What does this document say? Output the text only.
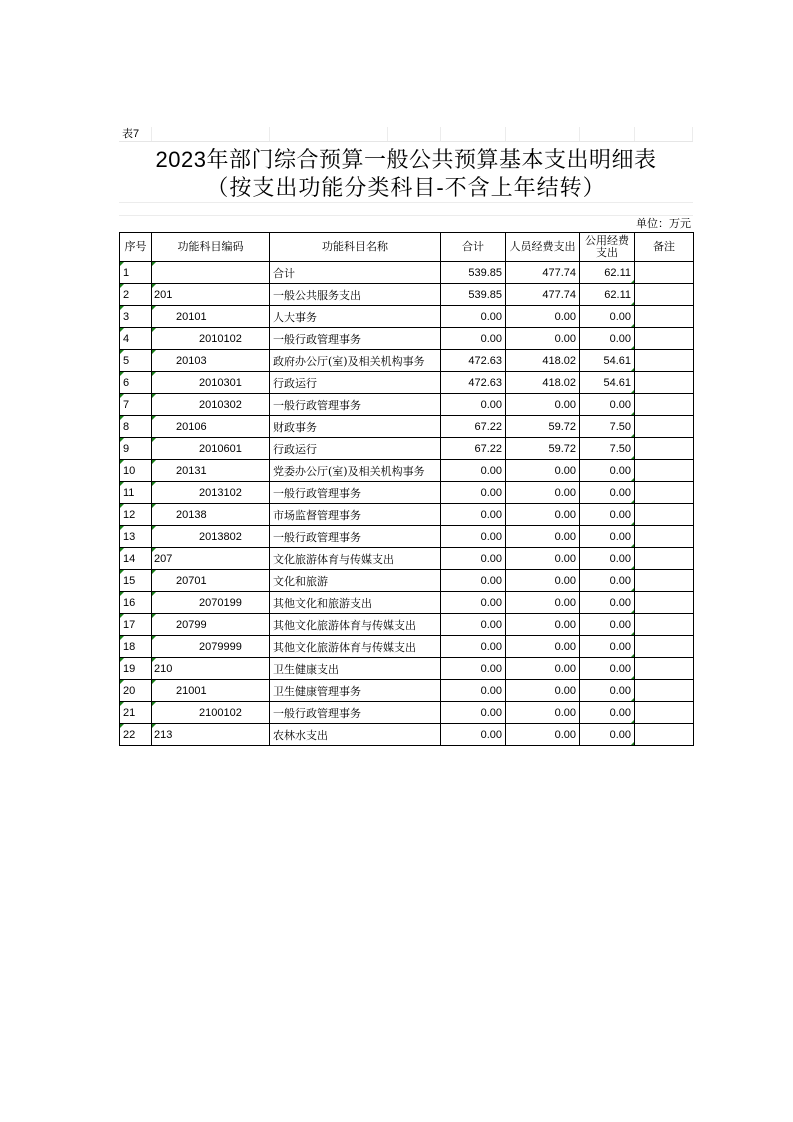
表7
2023年部门综合预算一般公共预算基本支出明细表
（按支出功能分类科目-不含上年结转）
单位：万元
序号	功能科目编码	功能科目名称	合计	人员经费支出	公用经费支出	备注
1		合计	539.85	477.74	62.11	
2	201	一般公共服务支出	539.85	477.74	62.11	
3	20101	人大事务	0.00	0.00	0.00	
4	2010102	一般行政管理事务	0.00	0.00	0.00	
5	20103	政府办公厅(室)及相关机构事务	472.63	418.02	54.61	
6	2010301	行政运行	472.63	418.02	54.61	
7	2010302	一般行政管理事务	0.00	0.00	0.00	
8	20106	财政事务	67.22	59.72	7.50	
9	2010601	行政运行	67.22	59.72	7.50	
10	20131	党委办公厅(室)及相关机构事务	0.00	0.00	0.00	
11	2013102	一般行政管理事务	0.00	0.00	0.00	
12	20138	市场监督管理事务	0.00	0.00	0.00	
13	2013802	一般行政管理事务	0.00	0.00	0.00	
14	207	文化旅游体育与传媒支出	0.00	0.00	0.00	
15	20701	文化和旅游	0.00	0.00	0.00	
16	2070199	其他文化和旅游支出	0.00	0.00	0.00	
17	20799	其他文化旅游体育与传媒支出	0.00	0.00	0.00	
18	2079999	其他文化旅游体育与传媒支出	0.00	0.00	0.00	
19	210	卫生健康支出	0.00	0.00	0.00	
20	21001	卫生健康管理事务	0.00	0.00	0.00	
21	2100102	一般行政管理事务	0.00	0.00	0.00	
22	213	农林水支出	0.00	0.00	0.00	
